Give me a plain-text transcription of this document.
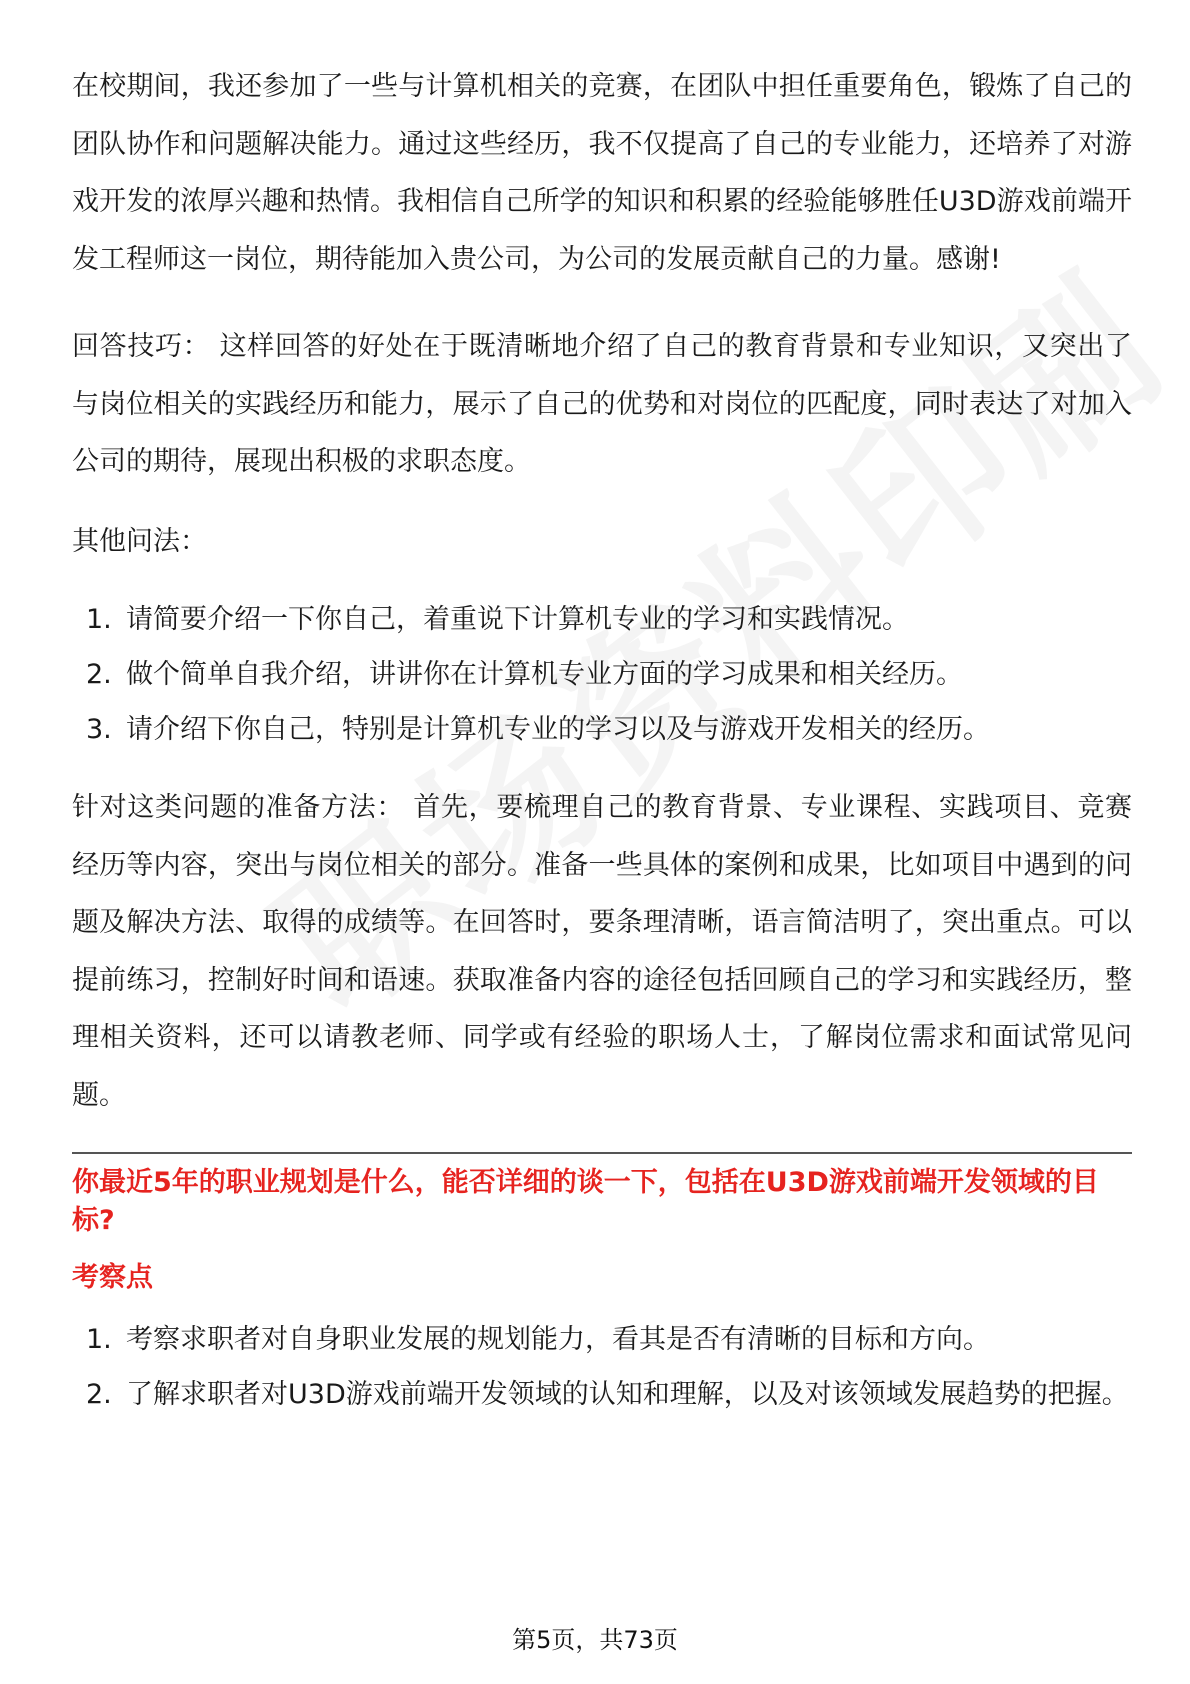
在校期间，我还参加了一些与计算机相关的竞赛，在团队中担任重要角色，锻炼了自己的团队协作和问题解决能力。通过这些经历，我不仅提高了自己的专业能力，还培养了对游戏开发的浓厚兴趣和热情。我相信自己所学的知识和积累的经验能够胜任U3D游戏前端开发工程师这一岗位，期待能加入贵公司，为公司的发展贡献自己的力量。感谢!

回答技巧： 这样回答的好处在于既清晰地介绍了自己的教育背景和专业知识，又突出了与岗位相关的实践经历和能力，展示了自己的优势和对岗位的匹配度，同时表达了对加入公司的期待，展现出积极的求职态度。

其他问法：

1. 请简要介绍一下你自己，着重说下计算机专业的学习和实践情况。
2. 做个简单自我介绍，讲讲你在计算机专业方面的学习成果和相关经历。
3. 请介绍下你自己，特别是计算机专业的学习以及与游戏开发相关的经历。

针对这类问题的准备方法： 首先，要梳理自己的教育背景、专业课程、实践项目、竞赛经历等内容，突出与岗位相关的部分。准备一些具体的案例和成果，比如项目中遇到的问题及解决方法、取得的成绩等。在回答时，要条理清晰，语言简洁明了，突出重点。可以提前练习，控制好时间和语速。获取准备内容的途径包括回顾自己的学习和实践经历，整理相关资料，还可以请教老师、同学或有经验的职场人士，了解岗位需求和面试常见问题。

你最近5年的职业规划是什么，能否详细的谈一下，包括在U3D游戏前端开发领域的目标?
考察点
1. 考察求职者对自身职业发展的规划能力，看其是否有清晰的目标和方向。
2. 了解求职者对U3D游戏前端开发领域的认知和理解，以及对该领域发展趋势的把握。
第5页，共73页
